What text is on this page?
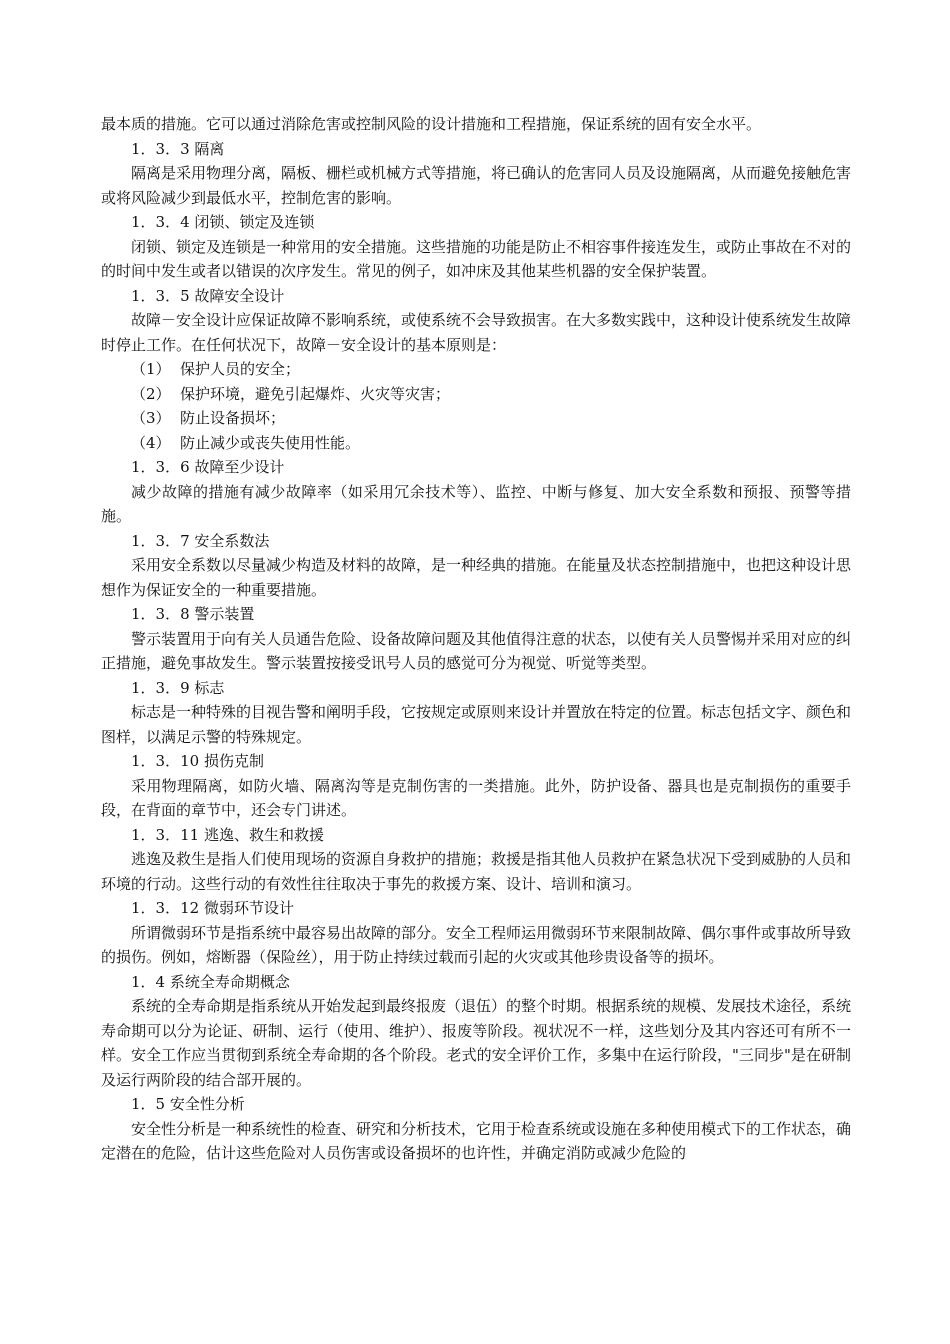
最本质的措施。它可以通过消除危害或控制风险的设计措施和工程措施，保证系统的固有安全水平。
1．3．3 隔离
隔离是采用物理分离，隔板、栅栏或机械方式等措施，将已确认的危害同人员及设施隔离，从而避免接触危害或将风险减少到最低水平，控制危害的影响。
1．3．4 闭锁、锁定及连锁
闭锁、锁定及连锁是一种常用的安全措施。这些措施的功能是防止不相容事件接连发生，或防止事故在不对的的时间中发生或者以错误的次序发生。常见的例子，如冲床及其他某些机器的安全保护装置。
1．3．5 故障安全设计
故障－安全设计应保证故障不影响系统，或使系统不会导致损害。在大多数实践中，这种设计使系统发生故障时停止工作。在任何状况下，故障－安全设计的基本原则是：
（1） 保护人员的安全；
（2） 保护环境，避免引起爆炸、火灾等灾害；
（3） 防止设备损坏；
（4） 防止减少或丧失使用性能。
1．3．6 故障至少设计
减少故障的措施有减少故障率（如采用冗余技术等）、监控、中断与修复、加大安全系数和预报、预警等措施。
1．3．7 安全系数法
采用安全系数以尽量减少构造及材料的故障，是一种经典的措施。在能量及状态控制措施中，也把这种设计思想作为保证安全的一种重要措施。
1．3．8 警示装置
警示装置用于向有关人员通告危险、设备故障问题及其他值得注意的状态，以使有关人员警惕并采用对应的纠正措施，避免事故发生。警示装置按接受讯号人员的感觉可分为视觉、听觉等类型。
1．3．9 标志
标志是一种特殊的目视告警和阐明手段，它按规定或原则来设计并置放在特定的位置。标志包括文字、颜色和图样，以满足示警的特殊规定。
1．3．10 损伤克制
采用物理隔离，如防火墙、隔离沟等是克制伤害的一类措施。此外，防护设备、器具也是克制损伤的重要手段，在背面的章节中，还会专门讲述。
1．3．11 逃逸、救生和救援
逃逸及救生是指人们使用现场的资源自身救护的措施；救援是指其他人员救护在紧急状况下受到威胁的人员和环境的行动。这些行动的有效性往往取决于事先的救援方案、设计、培训和演习。
1．3．12 微弱环节设计
所谓微弱环节是指系统中最容易出故障的部分。安全工程师运用微弱环节来限制故障、偶尔事件或事故所导致的损伤。例如，熔断器（保险丝），用于防止持续过载而引起的火灾或其他珍贵设备等的损坏。
1．4 系统全寿命期概念
系统的全寿命期是指系统从开始发起到最终报废（退伍）的整个时期。根据系统的规模、发展技术途径，系统寿命期可以分为论证、研制、运行（使用、维护）、报废等阶段。视状况不一样，这些划分及其内容还可有所不一样。安全工作应当贯彻到系统全寿命期的各个阶段。老式的安全评价工作，多集中在运行阶段，"三同步"是在研制及运行两阶段的结合部开展的。
1．5 安全性分析
安全性分析是一种系统性的检查、研究和分析技术，它用于检查系统或设施在多种使用模式下的工作状态，确定潜在的危险，估计这些危险对人员伤害或设备损坏的也许性，并确定消防或减少危险的
